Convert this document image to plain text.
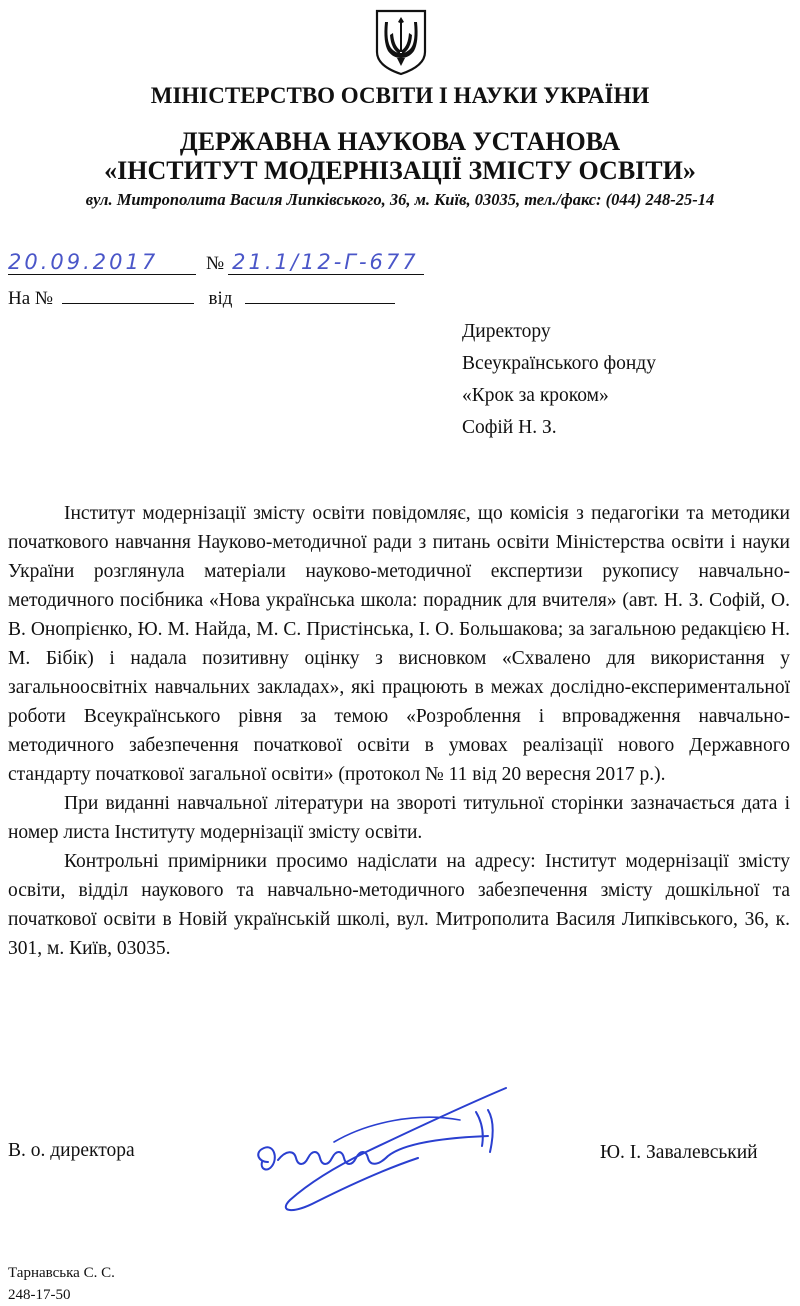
МІНІСТЕРСТВО ОСВІТИ І НАУКИ УКРАЇНИ
ДЕРЖАВНА НАУКОВА УСТАНОВА
«ІНСТИТУТ МОДЕРНІЗАЦІЇ ЗМІСТУ ОСВІТИ»
вул. Митрополита Василя Липківського, 36, м. Київ, 03035, тел./факс: (044) 248-25-14
20.09.2017	№ 21.1/12-Г-677
На №	від
Директору
Всеукраїнського фонду
«Крок за кроком»
Софій Н. З.

Інститут модернізації змісту освіти повідомляє, що комісія з педагогіки та методики початкового навчання Науково-методичної ради з питань освіти Міністерства освіти і науки України розглянула матеріали науково-методичної експертизи рукопису навчально-методичного посібника «Нова українська школа: порадник для вчителя» (авт. Н. З. Софій, О. В. Онопрієнко, Ю. М. Найда, М. С. Пристінська, І. О. Большакова; за загальною редакцією Н. М. Бібік) і надала позитивну оцінку з висновком «Схвалено для використання у загальноосвітніх навчальних закладах», які працюють в межах дослідно-експериментальної роботи Всеукраїнського рівня за темою «Розроблення і впровадження навчально-методичного забезпечення початкової освіти в умовах реалізації нового Державного стандарту початкової загальної освіти» (протокол № 11 від 20 вересня 2017 р.).

При виданні навчальної літератури на звороті титульної сторінки зазначається дата і номер листа Інституту модернізації змісту освіти.

Контрольні примірники просимо надіслати на адресу: Інститут модернізації змісту освіти, відділ наукового та навчально-методичного забезпечення змісту дошкільної та початкової освіти в Новій українській школі, вул. Митрополита Василя Липківського, 36, к. 301, м. Київ, 03035.

В. о. директора	Ю. І. Завалевський
Тарнавська С. С.
248-17-50
